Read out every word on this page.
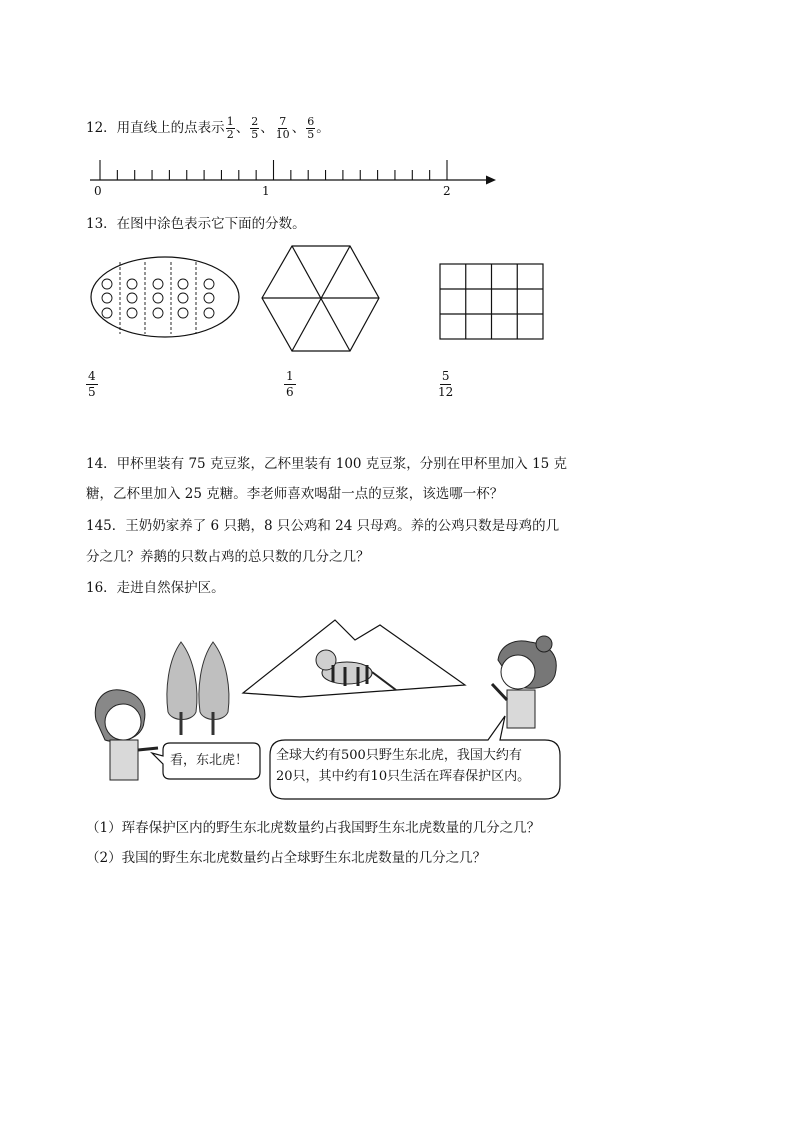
12．用直线上的点表示 $\frac{1}{2}$ 、 $\frac{2}{5}$ 、 $\frac{7}{10}$ 、 $\frac{6}{5}$ 。
0	1	2
13．在图中涂色表示它下面的分数。
$\frac{4}{5}$	$\frac{1}{6}$	$\frac{5}{12}$
14．甲杯里装有 75 克豆浆，乙杯里装有 100 克豆浆，分别在甲杯里加入 15 克
糖，乙杯里加入 25 克糖。李老师喜欢喝甜一点的豆浆，该选哪一杯？
145．王奶奶家养了 6 只鹅，8 只公鸡和 24 只母鸡。养的公鸡只数是母鸡的几
分之几？养鹅的只数占鸡的总只数的几分之几？
16．走进自然保护区。
看，东北虎！ 全球大约有500只野生东北虎，我国大约有
20只，其中约有10只生活在珲春保护区内。
（1）珲春保护区内的野生东北虎数量约占我国野生东北虎数量的几分之几？
（2）我国的野生东北虎数量约占全球野生东北虎数量的几分之几？
